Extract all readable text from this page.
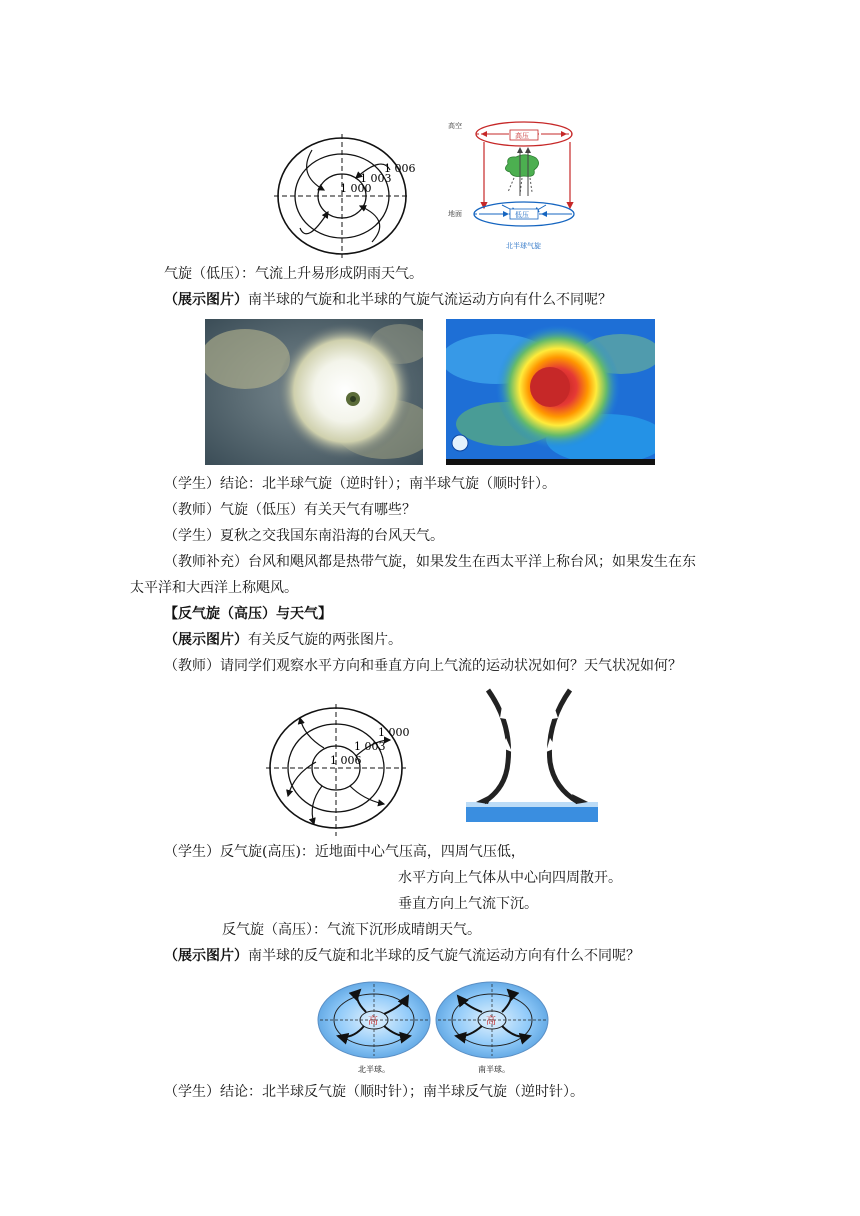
1 006
1 003
1 000
高压
高空
低压
地面
北半球气旋
气旋（低压）：气流上升易形成阴雨天气。
（展示图片）南半球的气旋和北半球的气旋气流运动方向有什么不同呢？
（学生）结论：北半球气旋（逆时针）；南半球气旋（顺时针）。
（教师）气旋（低压）有关天气有哪些？
（学生）夏秋之交我国东南沿海的台风天气。
（教师补充）台风和飓风都是热带气旋，如果发生在西太平洋上称台风；如果发生在东
太平洋和大西洋上称飓风。
【反气旋（高压）与天气】
（展示图片）有关反气旋的两张图片。
（教师）请同学们观察水平方向和垂直方向上气流的运动状况如何？天气状况如何？
1 000
1 003
1 006
（学生）反气旋(高压)：近地面中心气压高，四周气压低，
水平方向上气体从中心向四周散开。
垂直方向上气流下沉。
反气旋（高压）：气流下沉形成晴朗天气。
（展示图片）南半球的反气旋和北半球的反气旋气流运动方向有什么不同呢？
高
北半球。
高
南半球。
（学生）结论：北半球反气旋（顺时针）；南半球反气旋（逆时针）。
